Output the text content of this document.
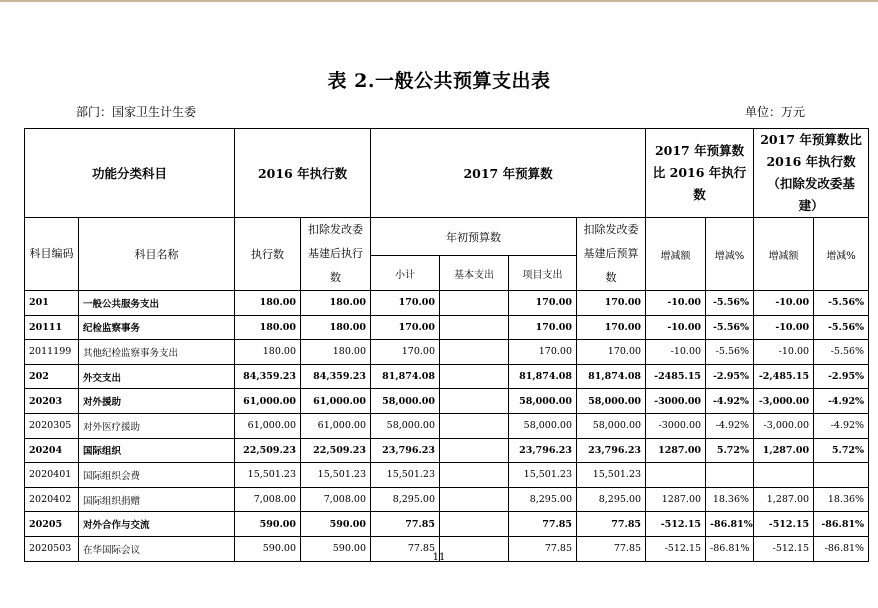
表 2.一般公共预算支出表
部门：国家卫生计生委	单位：万元
功能分类科目		2016 年执行数		2017 年预算数				2017 年预算数比 2016 年执行数		2017 年预算数比 2016 年执行数（扣除发改委基建）	
科目编码	科目名称	执行数	扣除发改委基建后执行数	年初预算数			扣除发改委基建后预算数	增减额	增减%	增减额	增减%
				小计	基本支出	项目支出					
201	一般公共服务支出	180.00	180.00	170.00		170.00	170.00	-10.00	-5.56%	-10.00	-5.56%
20111	纪检监察事务	180.00	180.00	170.00		170.00	170.00	-10.00	-5.56%	-10.00	-5.56%
2011199	其他纪检监察事务支出	180.00	180.00	170.00		170.00	170.00	-10.00	-5.56%	-10.00	-5.56%
202	外交支出	84,359.23	84,359.23	81,874.08		81,874.08	81,874.08	-2485.15	-2.95%	-2,485.15	-2.95%
20203	对外援助	61,000.00	61,000.00	58,000.00		58,000.00	58,000.00	-3000.00	-4.92%	-3,000.00	-4.92%
2020305	对外医疗援助	61,000.00	61,000.00	58,000.00		58,000.00	58,000.00	-3000.00	-4.92%	-3,000.00	-4.92%
20204	国际组织	22,509.23	22,509.23	23,796.23		23,796.23	23,796.23	1287.00	5.72%	1,287.00	5.72%
2020401	国际组织会费	15,501.23	15,501.23	15,501.23		15,501.23	15,501.23				
2020402	国际组织捐赠	7,008.00	7,008.00	8,295.00		8,295.00	8,295.00	1287.00	18.36%	1,287.00	18.36%
20205	对外合作与交流	590.00	590.00	77.85		77.85	77.85	-512.15	-86.81%	-512.15	-86.81%
2020503	在华国际会议	590.00	590.00	77.85		77.85	77.85	-512.15	-86.81%	-512.15	-86.81%
11
